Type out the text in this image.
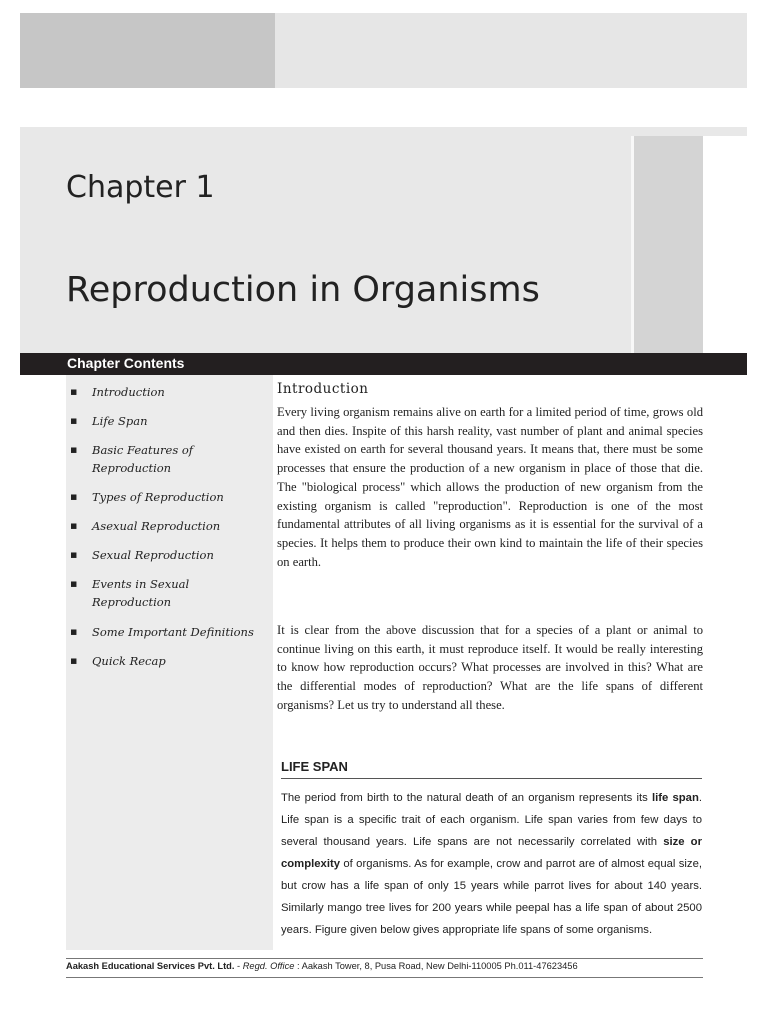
Chapter 1
Reproduction in Organisms
Chapter Contents
▪ Introduction
▪ Life Span
▪ Basic Features of Reproduction
▪ Types of Reproduction
▪ Asexual Reproduction
▪ Sexual Reproduction
▪ Events in Sexual Reproduction
▪ Some Important Definitions
▪ Quick Recap
Introduction

Every living organism remains alive on earth for a limited period of time, grows old and then dies. Inspite of this harsh reality, vast number of plant and animal species have existed on earth for several thousand years. It means that, there must be some processes that ensure the production of a new organism in place of those that die. The "biological process" which allows the production of new organism from the existing organism is called "reproduction". Reproduction is one of the most fundamental attributes of all living organisms as it is essential for the survival of a species. It helps them to produce their own kind to maintain the life of their species on earth.

It is clear from the above discussion that for a species of a plant or animal to continue living on this earth, it must reproduce itself. It would be really interesting to know how reproduction occurs? What processes are involved in this? What are the differential modes of reproduction? What are the life spans of different organisms? Let us try to understand all these.

LIFE SPAN

The period from birth to the natural death of an organism represents its life span. Life span is a specific trait of each organism. Life span varies from few days to several thousand years. Life spans are not necessarily correlated with size or complexity of organisms. As for example, crow and parrot are of almost equal size, but crow has a life span of only 15 years while parrot lives for about 140 years. Similarly mango tree lives for 200 years while peepal has a life span of about 2500 years. Figure given below gives appropriate life spans of some organisms.

Aakash Educational Services Pvt. Ltd. - Regd. Office : Aakash Tower, 8, Pusa Road, New Delhi-110005 Ph.011-47623456
